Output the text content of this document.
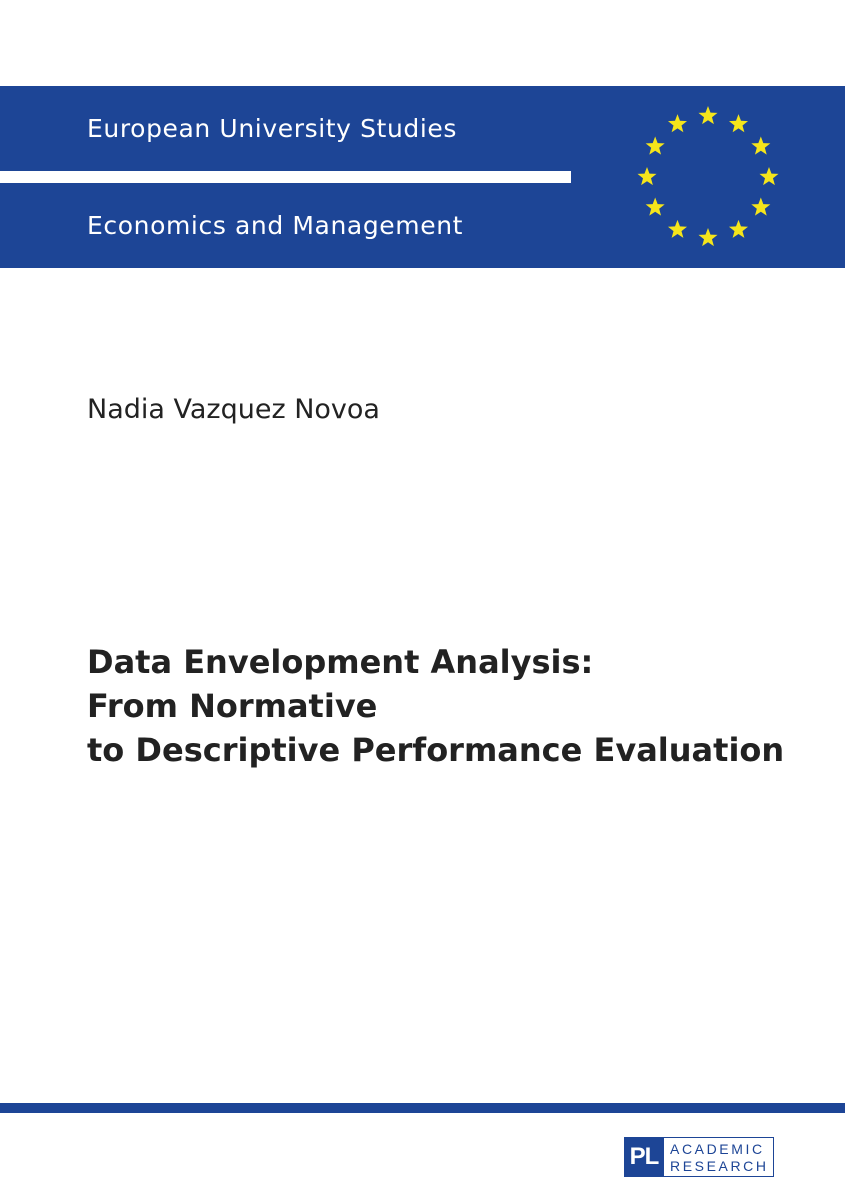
European University Studies
Economics and Management
Nadia Vazquez Novoa
Data Envelopment Analysis:
From Normative
to Descriptive Performance Evaluation
PL ACADEMIC
RESEARCH
